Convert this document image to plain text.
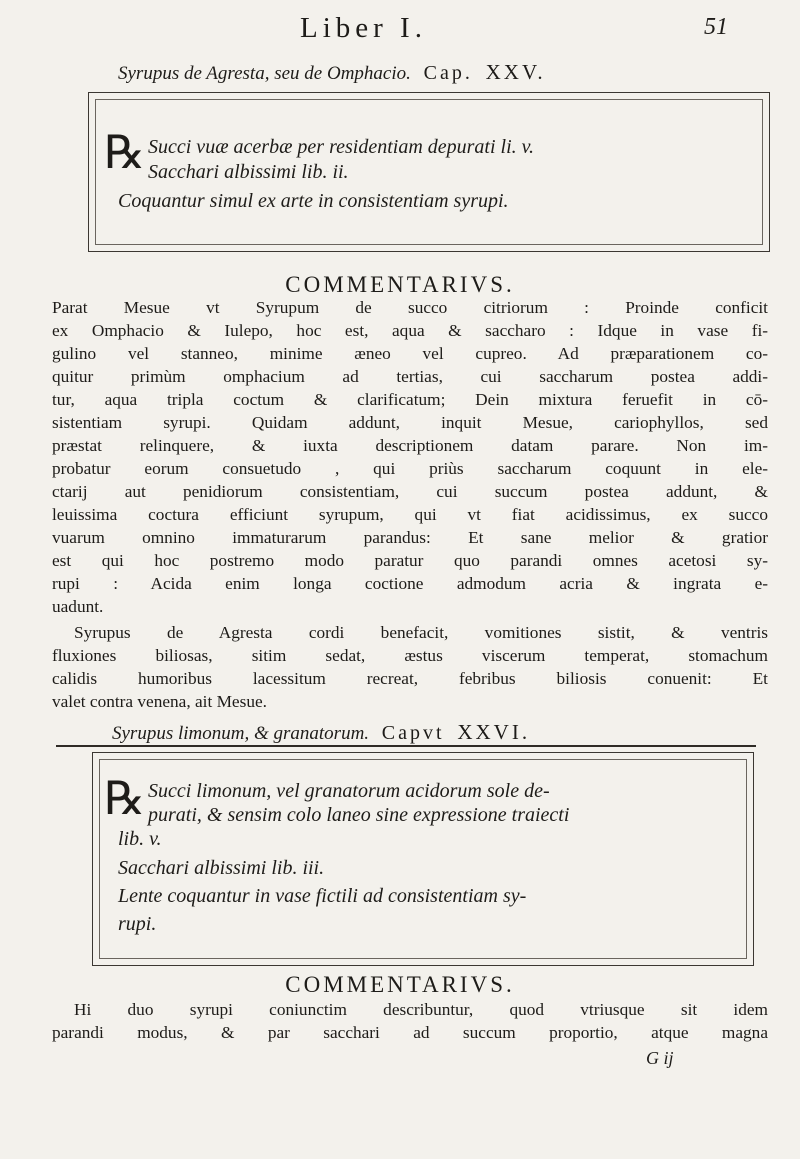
Liber I.	51
Syrupus de Agresta, seu de Omphacio. Cap. XXV.
℞ Succi vuæ acerbæ per residentiam depurati li. v.
Sacchari albissimi lib. ii.
Coquantur simul ex arte in consistentiam syrupi.
COMMENTARIVS.
Parat Mesue vt Syrupum de succo citriorum : Proinde conficit
ex Omphacio & Iulepo, hoc est, aqua & saccharo : Idque in vase fi-
gulino vel stanneo, minime æneo vel cupreo. Ad præparationem co-
quitur primùm omphacium ad tertias, cui saccharum postea addi-
tur, aqua tripla coctum & clarificatum; Dein mixtura feruefit in cō-
sistentiam syrupi. Quidam addunt, inquit Mesue, cariophyllos, sed
præstat relinquere, & iuxta descriptionem datam parare. Non im-
probatur eorum consuetudo , qui priùs saccharum coquunt in ele-
ctarij aut penidiorum consistentiam, cui succum postea addunt, &
leuissima coctura efficiunt syrupum, qui vt fiat acidissimus, ex succo
vuarum omnino immaturarum parandus: Et sane melior & gratior
est qui hoc postremo modo paratur quo parandi omnes acetosi sy-
rupi : Acida enim longa coctione admodum acria & ingrata e-
uadunt.
Syrupus de Agresta cordi benefacit, vomitiones sistit, & ventris
fluxiones biliosas, sitim sedat, æstus viscerum temperat, stomachum
calidis humoribus lacessitum recreat, febribus biliosis conuenit: Et
valet contra venena, ait Mesue.
Syrupus limonum, & granatorum. Capvt XXVI.
℞ Succi limonum, vel granatorum acidorum sole de-
purati, & sensim colo laneo sine expressione traiecti
lib. v.
Sacchari albissimi lib. iii.
Lente coquantur in vase fictili ad consistentiam sy-
rupi.
COMMENTARIVS.
Hi duo syrupi coniunctim describuntur, quod vtriusque sit idem
parandi modus, & par sacchari ad succum proportio, atque magna
G ij
